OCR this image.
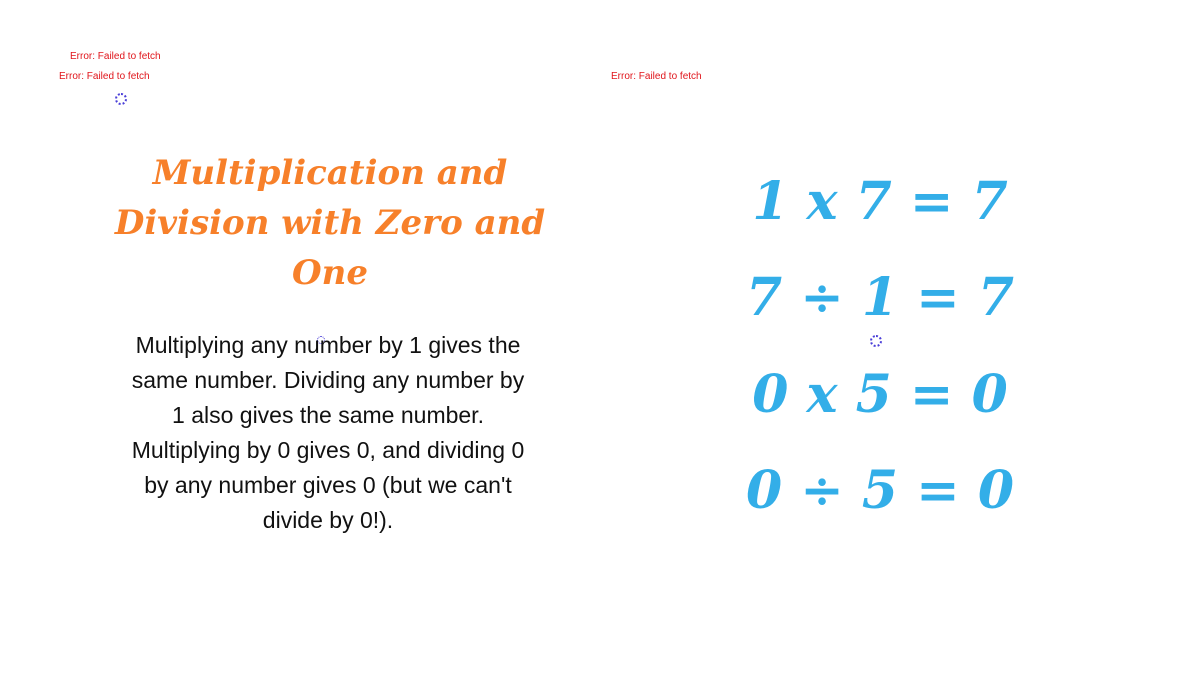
Error: Failed to fetch
Error: Failed to fetch	Error: Failed to fetch
Multiplication and Division with Zero and One

Multiplying any number by 1 gives the same number. Dividing any number by 1 also gives the same number. Multiplying by 0 gives 0, and dividing 0 by any number gives 0 (but we can't divide by 0!).

1 x 7 = 7
7 ÷ 1 = 7
0 x 5 = 0
0 ÷ 5 = 0
